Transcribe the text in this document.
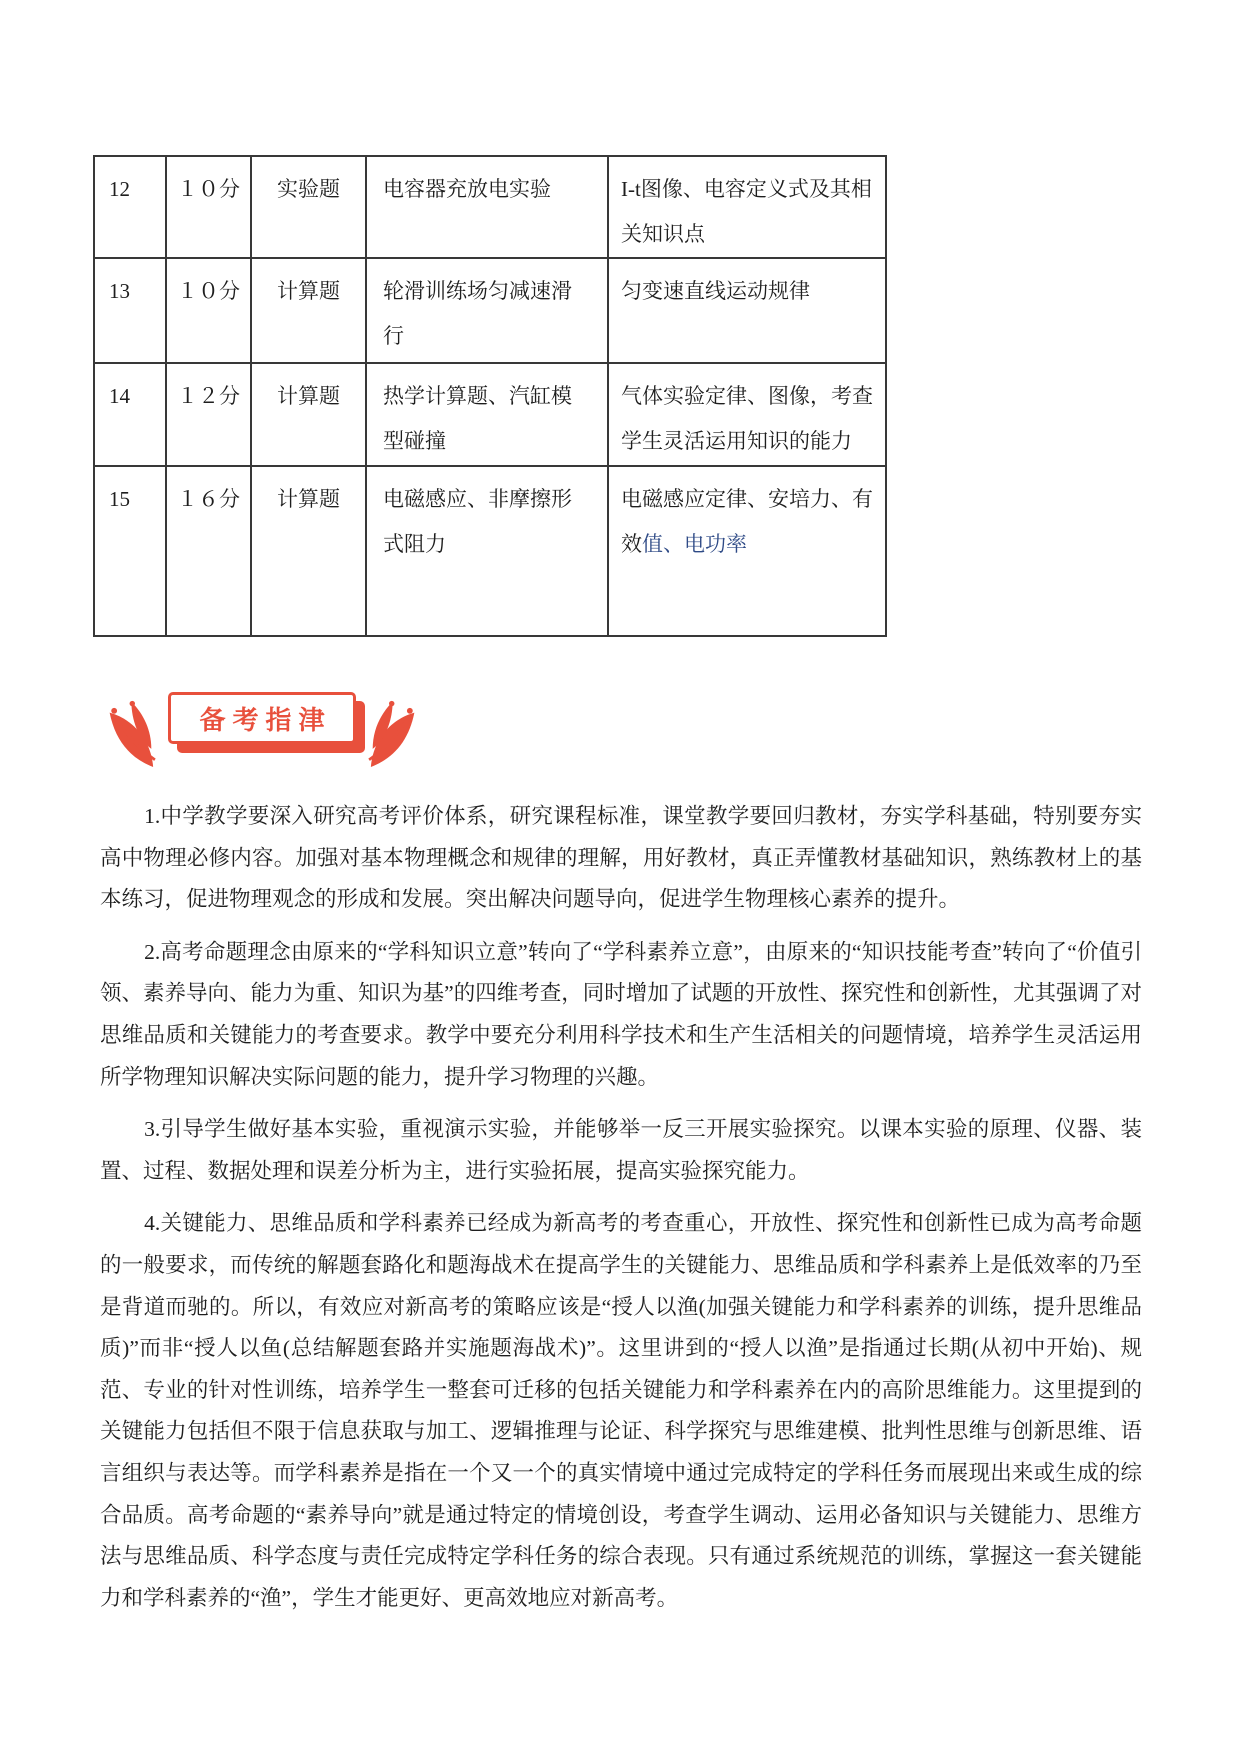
12	１０分	实验题	电容器充放电实验	I-t图像、电容定义式及其相关知识点
13	１０分	计算题	轮滑训练场匀减速滑行	匀变速直线运动规律
14	１２分	计算题	热学计算题、汽缸模型碰撞	气体实验定律、图像，考查学生灵活运用知识的能力
15	１６分	计算题	电磁感应、非摩擦形式阻力	电磁感应定律、安培力、有效值、电功率
备考指津

1.中学教学要深入研究高考评价体系，研究课程标准，课堂教学要回归教材，夯实学科基础，特别要夯实高中物理必修内容。加强对基本物理概念和规律的理解，用好教材，真正弄懂教材基础知识，熟练教材上的基本练习，促进物理观念的形成和发展。突出解决问题导向，促进学生物理核心素养的提升。

2.高考命题理念由原来的“学科知识立意”转向了“学科素养立意”，由原来的“知识技能考查”转向了“价值引领、素养导向、能力为重、知识为基”的四维考查，同时增加了试题的开放性、探究性和创新性，尤其强调了对思维品质和关键能力的考查要求。教学中要充分利用科学技术和生产生活相关的问题情境，培养学生灵活运用所学物理知识解决实际问题的能力，提升学习物理的兴趣。

3.引导学生做好基本实验，重视演示实验，并能够举一反三开展实验探究。以课本实验的原理、仪器、装置、过程、数据处理和误差分析为主，进行实验拓展，提高实验探究能力。

4.关键能力、思维品质和学科素养已经成为新高考的考查重心，开放性、探究性和创新性已成为高考命题的一般要求，而传统的解题套路化和题海战术在提高学生的关键能力、思维品质和学科素养上是低效率的乃至是背道而驰的。所以，有效应对新高考的策略应该是“授人以渔(加强关键能力和学科素养的训练，提升思维品质)”而非“授人以鱼(总结解题套路并实施题海战术)”。这里讲到的“授人以渔”是指通过长期(从初中开始)、规范、专业的针对性训练，培养学生一整套可迁移的包括关键能力和学科素养在内的高阶思维能力。这里提到的关键能力包括但不限于信息获取与加工、逻辑推理与论证、科学探究与思维建模、批判性思维与创新思维、语言组织与表达等。而学科素养是指在一个又一个的真实情境中通过完成特定的学科任务而展现出来或生成的综合品质。高考命题的“素养导向”就是通过特定的情境创设，考查学生调动、运用必备知识与关键能力、思维方法与思维品质、科学态度与责任完成特定学科任务的综合表现。只有通过系统规范的训练，掌握这一套关键能力和学科素养的“渔”，学生才能更好、更高效地应对新高考。
